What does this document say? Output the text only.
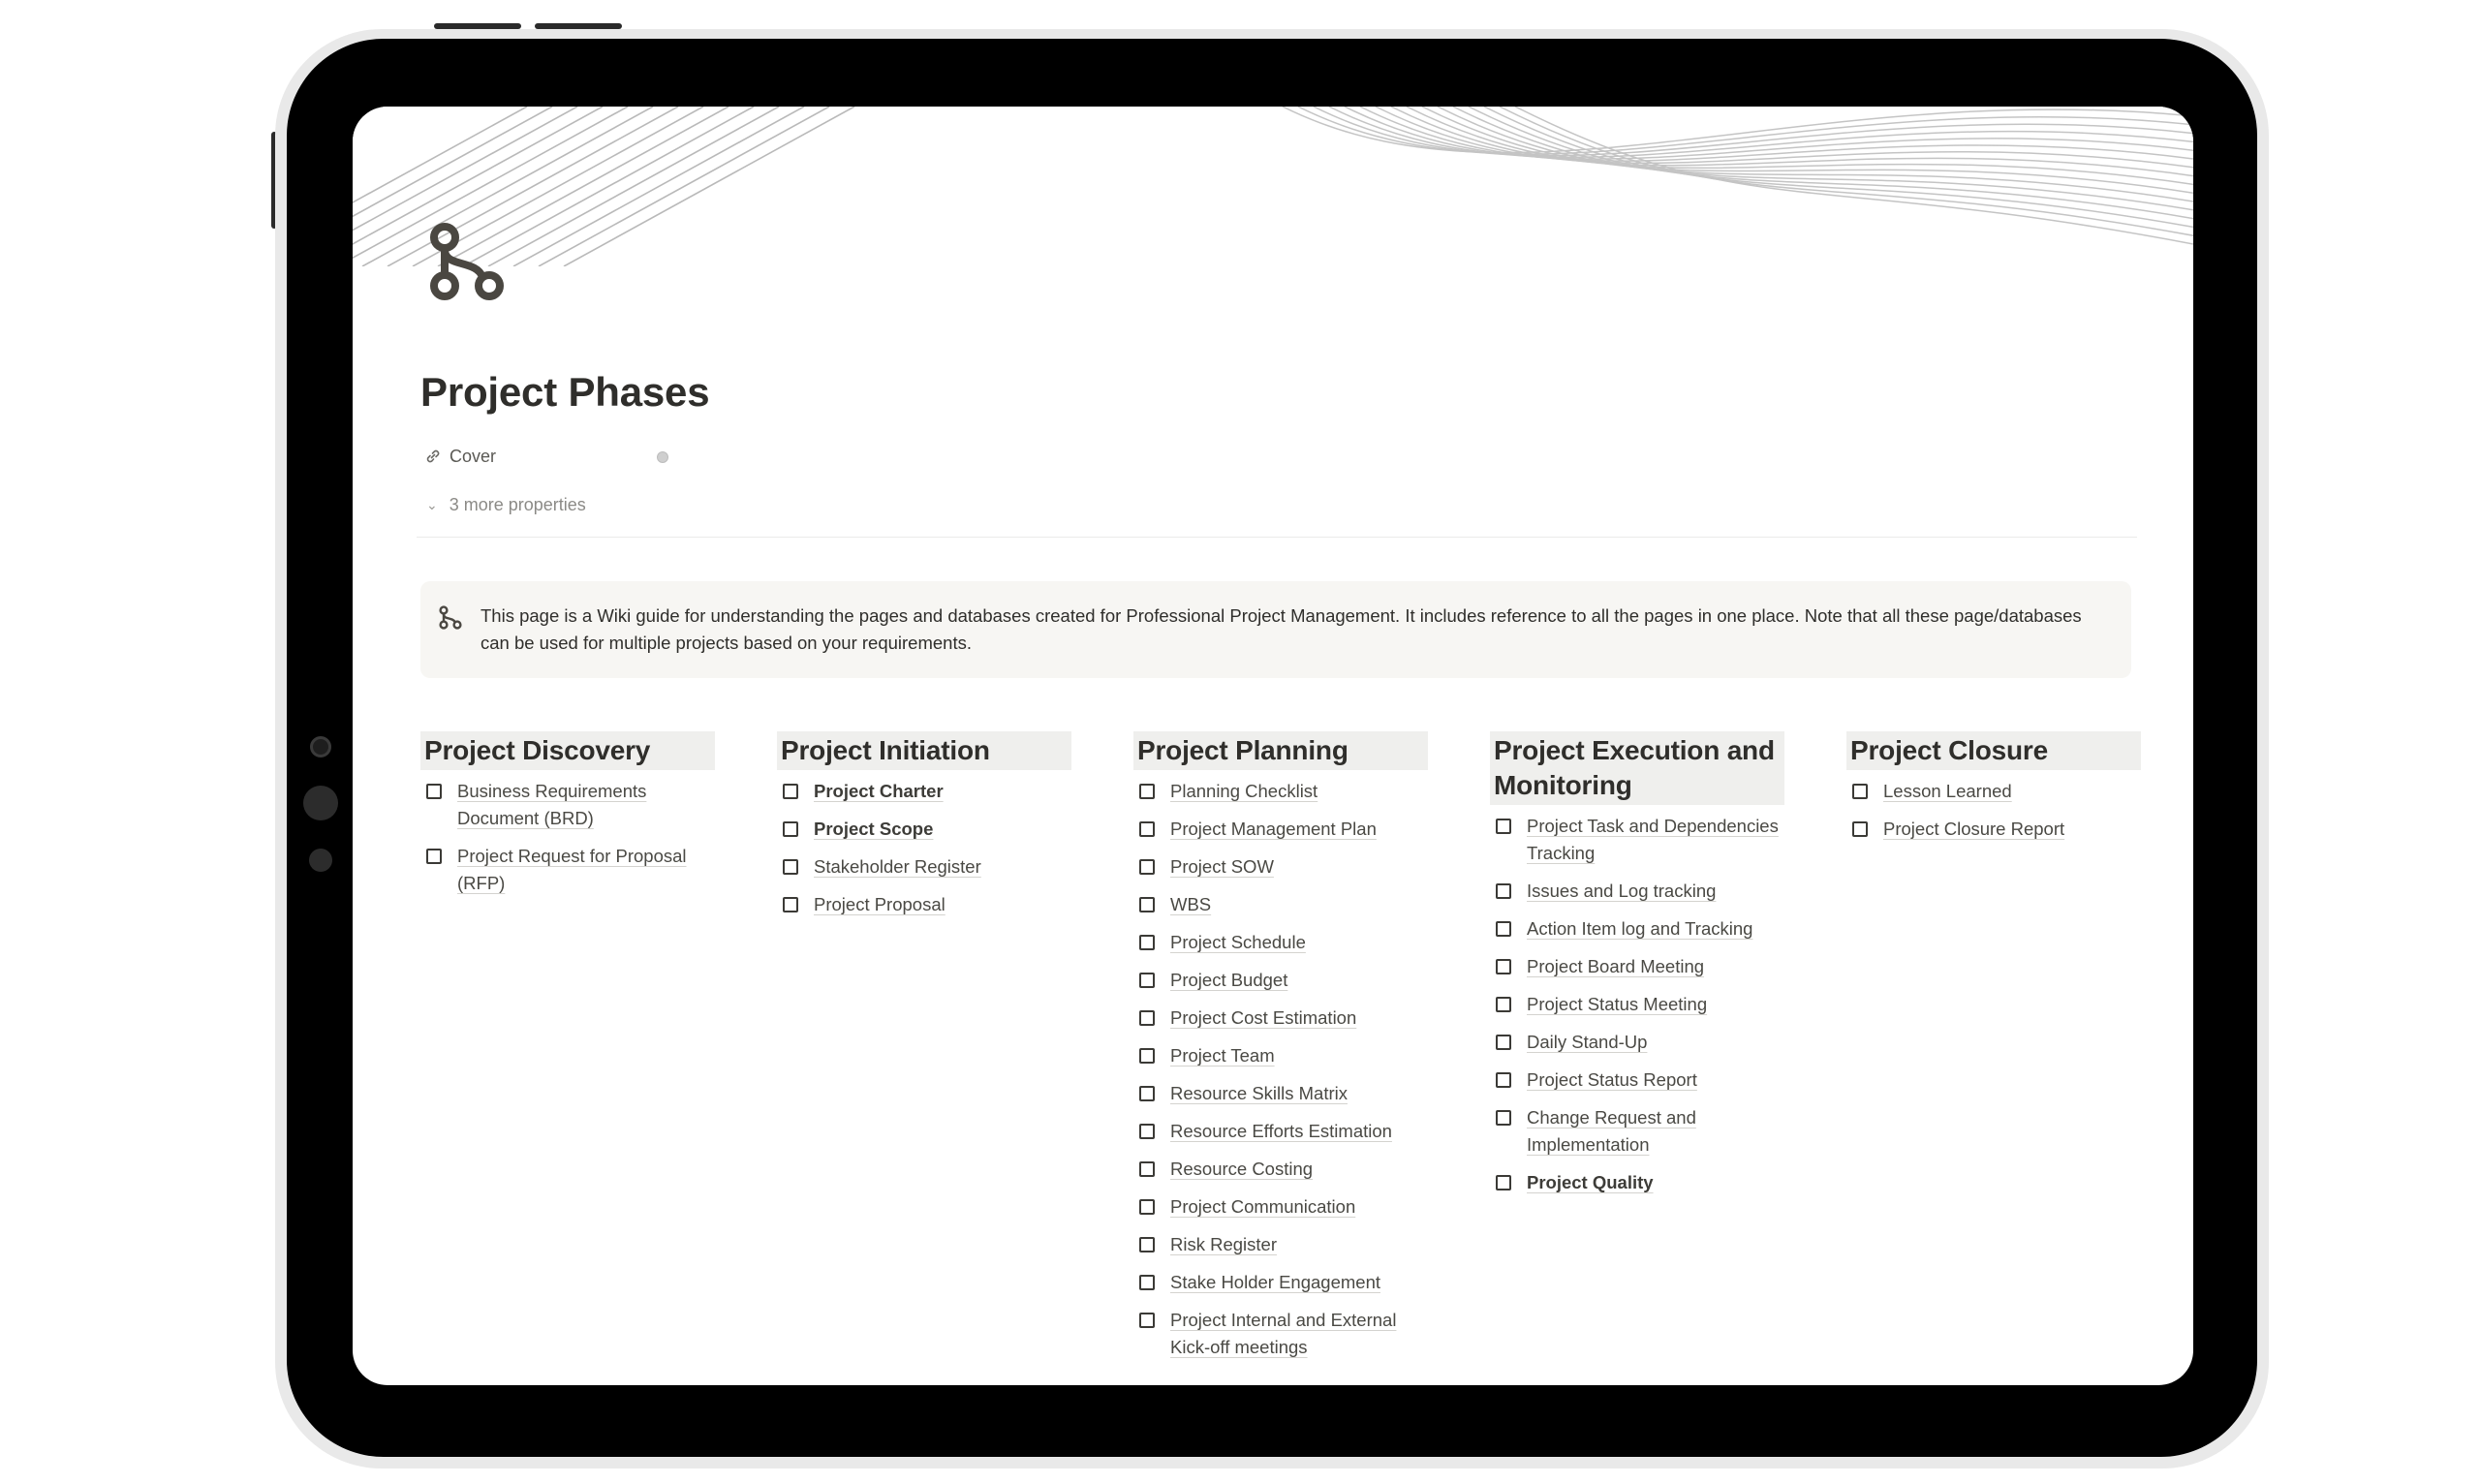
Project Phases
Cover
⌄ 3 more properties
This page is a Wiki guide for understanding the pages and databases created for Professional Project Management. It includes reference to all the pages in one place. Note that all these page/databases can be used for multiple projects based on your requirements.
Project Discovery
Business Requirements Document (BRD)
Project Request for Proposal (RFP)
Project Initiation
Project Charter
Project Scope
Stakeholder Register
Project Proposal
Project Planning
Planning Checklist
Project Management Plan
Project SOW
WBS
Project Schedule
Project Budget
Project Cost Estimation
Project Team
Resource Skills Matrix
Resource Efforts Estimation
Resource Costing
Project Communication
Risk Register
Stake Holder Engagement
Project Internal and External Kick-off meetings
Project Execution and Monitoring
Project Task and Dependencies Tracking
Issues and Log tracking
Action Item log and Tracking
Project Board Meeting
Project Status Meeting
Daily Stand-Up
Project Status Report
Change Request and Implementation
Project Quality
Project Closure
Lesson Learned
Project Closure Report
